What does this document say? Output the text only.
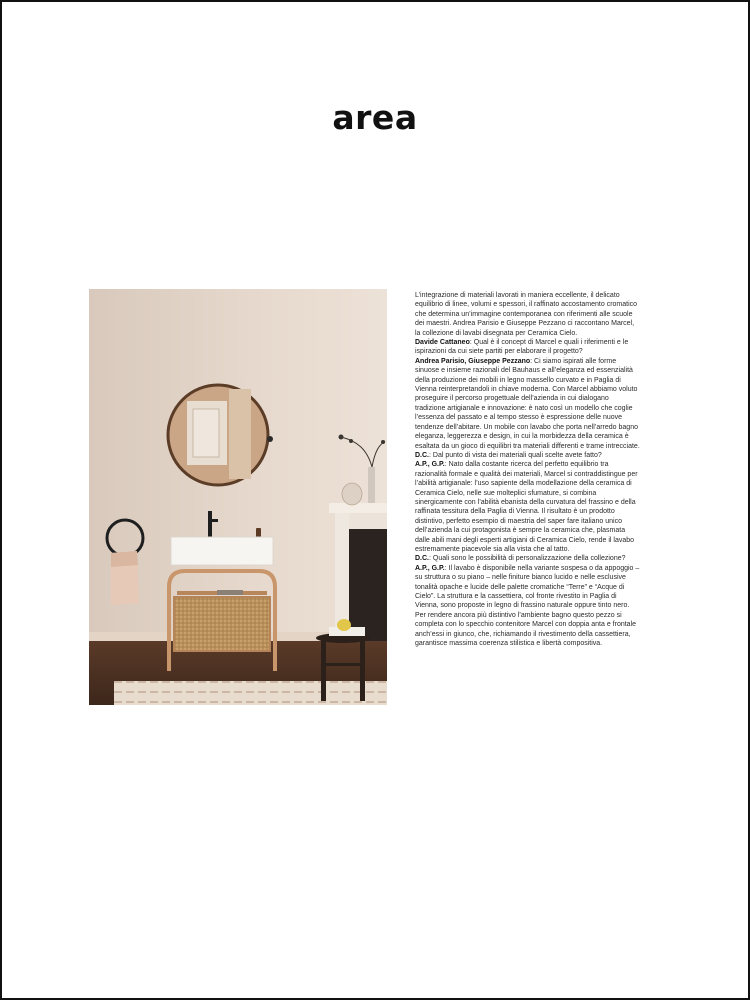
area

L’integrazione di materiali lavorati in maniera eccellente, il delicato equilibrio di linee, volumi e spessori, il raffinato accostamento cromatico che determina un’immagine contemporanea con riferimenti alle scuole dei maestri. Andrea Parisio e Giuseppe Pezzano ci raccontano Marcel, la collezione di lavabi disegnata per Ceramica Cielo.

Davide Cattaneo: Qual è il concept di Marcel e quali i riferimenti e le ispirazioni da cui siete partiti per elaborare il progetto?

Andrea Parisio, Giuseppe Pezzano: Ci siamo ispirati alle forme sinuose e insieme razionali del Bauhaus e all’eleganza ed essenzialità della produzione dei mobili in legno massello curvato e in Paglia di Vienna reinterpretandoli in chiave moderna. Con Marcel abbiamo voluto proseguire il percorso progettuale dell’azienda in cui dialogano tradizione artigianale e innovazione: è nato così un modello che coglie l’essenza del passato e al tempo stesso è espressione delle nuove tendenze dell’abitare. Un mobile con lavabo che porta nell’arredo bagno eleganza, leggerezza e design, in cui la morbidezza della ceramica è esaltata da un gioco di equilibri tra materiali differenti e trame intrecciate.

D.C.: Dal punto di vista dei materiali quali scelte avete fatto?

A.P., G.P.: Nato dalla costante ricerca del perfetto equilibrio tra razionalità formale e qualità dei materiali, Marcel si contraddistingue per l’abilità artigianale: l’uso sapiente della modellazione della ceramica di Ceramica Cielo, nelle sue molteplici sfumature, si combina sinergicamente con l’abilità ebanista della curvatura del frassino e della raffinata tessitura della Paglia di Vienna. Il risultato è un prodotto distintivo, perfetto esempio di maestria del saper fare italiano unico dell’azienda la cui protagonista è sempre la ceramica che, plasmata dalle abili mani degli esperti artigiani di Ceramica Cielo, rende il lavabo estremamente piacevole sia alla vista che al tatto.

D.C.: Quali sono le possibilità di personalizzazione della collezione?

A.P., G.P.: Il lavabo è disponibile nella variante sospesa o da appoggio – su struttura o su piano – nelle finiture bianco lucido e nelle esclusive tonalità opache e lucide delle palette cromatiche “Terre” e “Acque di Cielo”. La struttura e la cassettiera, col fronte rivestito in Paglia di Vienna, sono proposte in legno di frassino naturale oppure tinto nero. Per rendere ancora più distintivo l’ambiente bagno questo pezzo si completa con lo specchio contenitore Marcel con doppia anta e frontale anch’essi in giunco, che, richiamando il rivestimento della cassettiera, garantisce massima coerenza stilistica e libertà compositiva.
